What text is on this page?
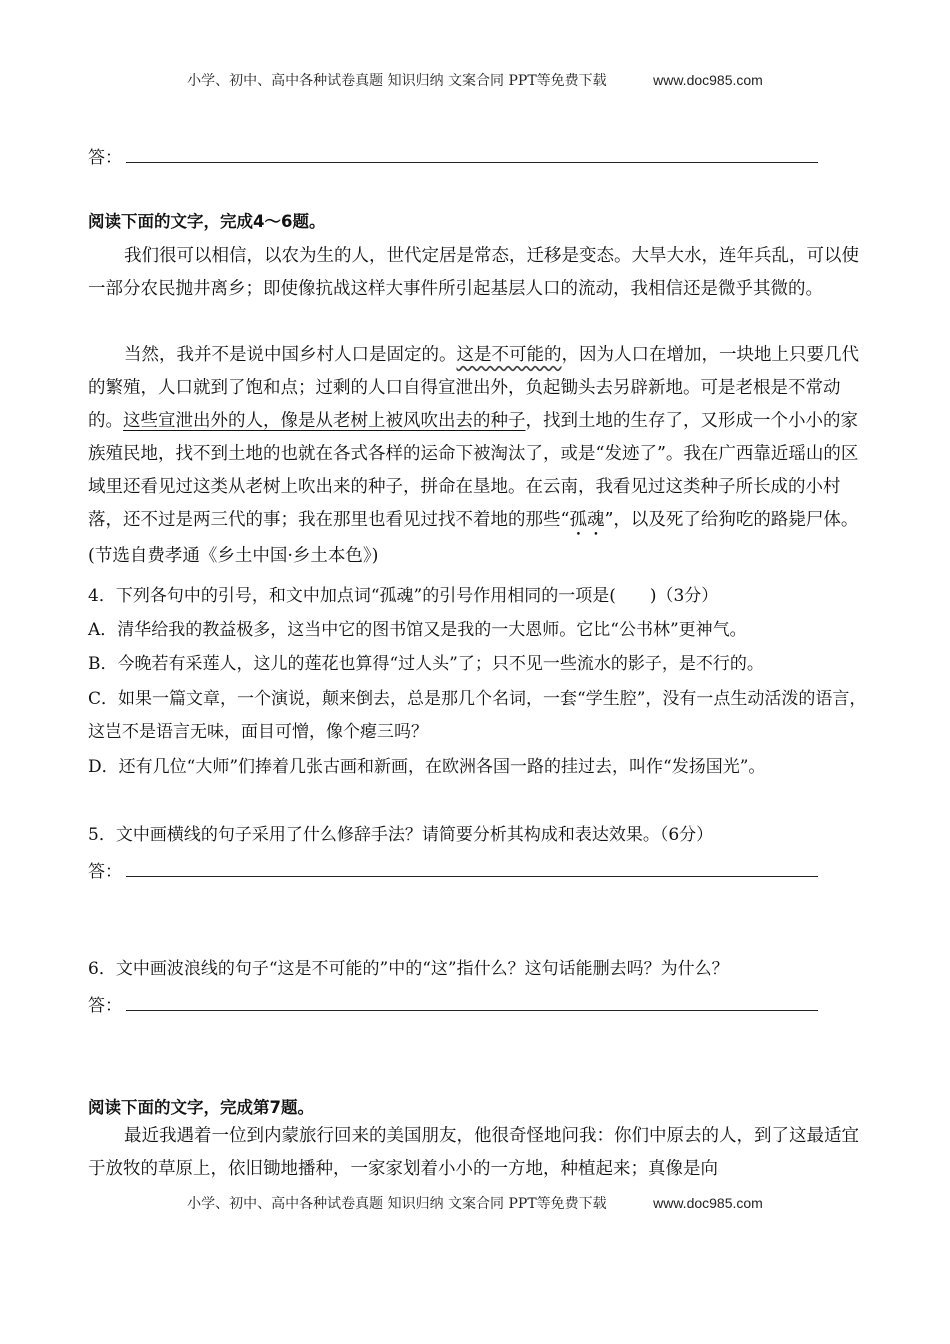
小学、初中、高中各种试卷真题 知识归纳 文案合同 PPT等免费下载	www.doc985.com
答：
阅读下面的文字，完成4～6题。
我们很可以相信，以农为生的人，世代定居是常态，迁移是变态。大旱大水，连年兵乱，可以使一部分农民抛井离乡；即使像抗战这样大事件所引起基层人口的流动，我相信还是微乎其微的。
当然，我并不是说中国乡村人口是固定的。这是不可能的，因为人口在增加，一块地上只要几代的繁殖，人口就到了饱和点；过剩的人口自得宣泄出外，负起锄头去另辟新地。可是老根是不常动的。这些宣泄出外的人，像是从老树上被风吹出去的种子，找到土地的生存了，又形成一个小小的家族殖民地，找不到土地的也就在各式各样的运命下被淘汰了，或是“发迹了”。我在广西靠近瑶山的区域里还看见过这类从老树上吹出来的种子，拼命在垦地。在云南，我看见过这类种子所长成的小村落，还不过是两三代的事；我在那里也看见过找不着地的那些“孤魂”，以及死了给狗吃的路毙尸体。(节选自费孝通《乡土中国·乡土本色》)
4．下列各句中的引号，和文中加点词“孤魂”的引号作用相同的一项是(　　)（3分）
A．清华给我的教益极多，这当中它的图书馆又是我的一大恩师。它比“公书林”更神气。
B．今晚若有采莲人，这儿的莲花也算得“过人头”了；只不见一些流水的影子，是不行的。
C．如果一篇文章，一个演说，颠来倒去，总是那几个名词，一套“学生腔”，没有一点生动活泼的语言，这岂不是语言无味，面目可憎，像个瘪三吗？
D．还有几位“大师”们捧着几张古画和新画，在欧洲各国一路的挂过去，叫作“发扬国光”。
5．文中画横线的句子采用了什么修辞手法？请简要分析其构成和表达效果。（6分）
答：
6．文中画波浪线的句子“这是不可能的”中的“这”指什么？这句话能删去吗？为什么？
答：
阅读下面的文字，完成第7题。
最近我遇着一位到内蒙旅行回来的美国朋友，他很奇怪地问我：你们中原去的人，到了这最适宜于放牧的草原上，依旧锄地播种，一家家划着小小的一方地，种植起来；真像是向
小学、初中、高中各种试卷真题 知识归纳 文案合同 PPT等免费下载	www.doc985.com
